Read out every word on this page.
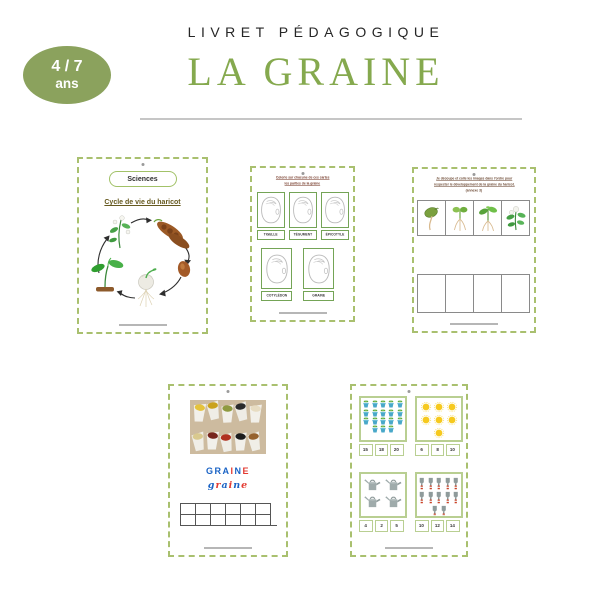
4 / 7
ans
LIVRET PÉDAGOGIQUE
LA GRAINE
Sciences
Cycle de vie du haricot
Colorie sur chacune de ces cartes
les parties de la graine
TIGELLE	TÉGUMENT ÉPICOTYLE
COTYLÉDON	GRAINE
Je découpe et colle les images dans l'ordre pour
respecter le développement de la graine du haricot.
(annexe 3)
GRAINE
graine
15 18 20	6 8 10
4 2 5	10 12 14
